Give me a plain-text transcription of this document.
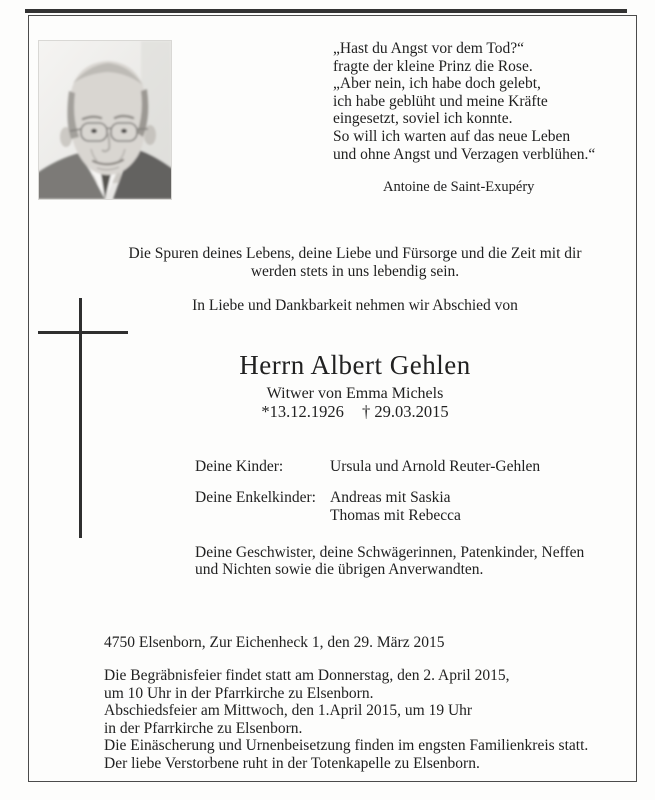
„Hast du Angst vor dem Tod?“
fragte der kleine Prinz die Rose.
„Aber nein, ich habe doch gelebt,
ich habe geblüht und meine Kräfte
eingesetzt, soviel ich konnte.
So will ich warten auf das neue Leben
und ohne Angst und Verzagen verblühen.“
Antoine de Saint-Exupéry
Die Spuren deines Lebens, deine Liebe und Fürsorge und die Zeit mit dir
werden stets in uns lebendig sein.
In Liebe und Dankbarkeit nehmen wir Abschied von
Herrn Albert Gehlen
Witwer von Emma Michels
*13.12.1926 † 29.03.2015
Deine Kinder:	Ursula und Arnold Reuter-Gehlen
Deine Enkelkinder: Andreas mit Saskia
Thomas mit Rebecca
Deine Geschwister, deine Schwägerinnen, Patenkinder, Neffen
und Nichten sowie die übrigen Anverwandten.
4750 Elsenborn, Zur Eichenheck 1, den 29. März 2015
Die Begräbnisfeier findet statt am Donnerstag, den 2. April 2015,
um 10 Uhr in der Pfarrkirche zu Elsenborn.
Abschiedsfeier am Mittwoch, den 1.April 2015, um 19 Uhr
in der Pfarrkirche zu Elsenborn.
Die Einäscherung und Urnenbeisetzung finden im engsten Familienkreis statt.
Der liebe Verstorbene ruht in der Totenkapelle zu Elsenborn.
